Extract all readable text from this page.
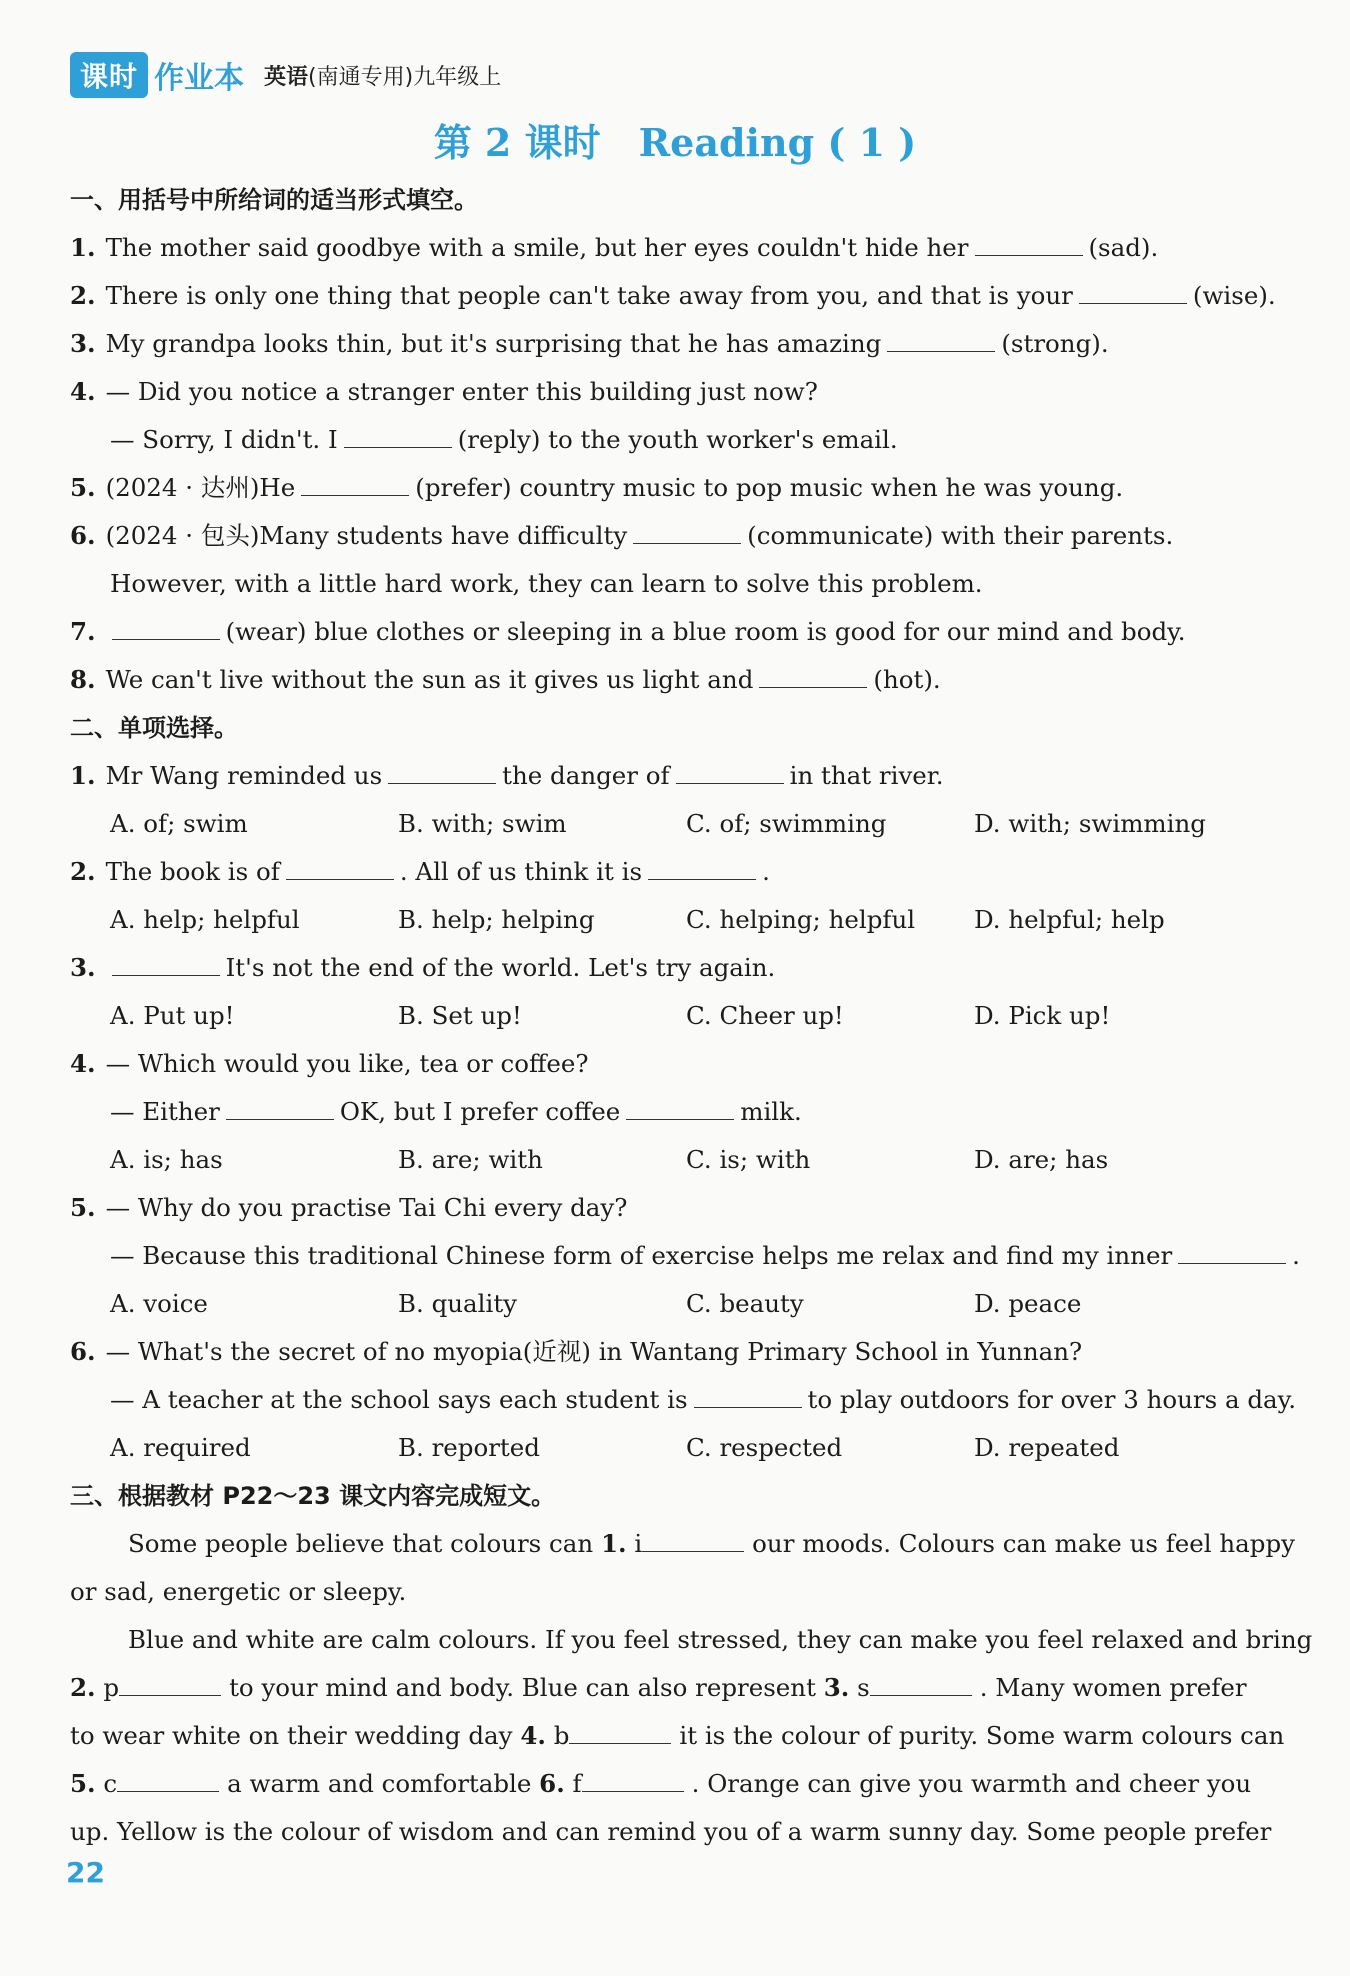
课时 作业本 英语(南通专用)九年级上
第 2 课时　Reading ( 1 )
一、用括号中所给词的适当形式填空。
1. The mother said goodbye with a smile, but her eyes couldn't hide her	(sad).
2. There is only one thing that people can't take away from you, and that is your	(wise).
3. My grandpa looks thin, but it's surprising that he has amazing	(strong).
4. — Did you notice a stranger enter this building just now?
— Sorry, I didn't. I	(reply) to the youth worker's email.
5. (2024 · 达州)He	(prefer) country music to pop music when he was young.
6. (2024 · 包头)Many students have difficulty	(communicate) with their parents.
However, with a little hard work, they can learn to solve this problem.
7.	(wear) blue clothes or sleeping in a blue room is good for our mind and body.
8. We can't live without the sun as it gives us light and	(hot).
二、单项选择。
1. Mr Wang reminded us	the danger of	in that river.
A. of; swim	B. with; swim	C. of; swimming	D. with; swimming
2. The book is of	. All of us think it is	.
A. help; helpful	B. help; helping	C. helping; helpful	D. helpful; help
3.	It's not the end of the world. Let's try again.
A. Put up!	B. Set up!	C. Cheer up!	D. Pick up!
4. — Which would you like, tea or coffee?
— Either	OK, but I prefer coffee	milk.
A. is; has	B. are; with	C. is; with	D. are; has
5. — Why do you practise Tai Chi every day?
— Because this traditional Chinese form of exercise helps me relax and find my inner	.
A. voice	B. quality	C. beauty	D. peace
6. — What's the secret of no myopia(近视) in Wantang Primary School in Yunnan?
— A teacher at the school says each student is	to play outdoors for over 3 hours a day.
A. required	B. reported	C. respected	D. repeated
三、根据教材 P22～23 课文内容完成短文。
Some people believe that colours can 1. i	our moods. Colours can make us feel happy
or sad, energetic or sleepy.
Blue and white are calm colours. If you feel stressed, they can make you feel relaxed and bring
2. p	to your mind and body. Blue can also represent 3. s	. Many women prefer
to wear white on their wedding day 4. b	it is the colour of purity. Some warm colours can
5. c	a warm and comfortable 6. f	. Orange can give you warmth and cheer you
up. Yellow is the colour of wisdom and can remind you of a warm sunny day. Some people prefer
22
